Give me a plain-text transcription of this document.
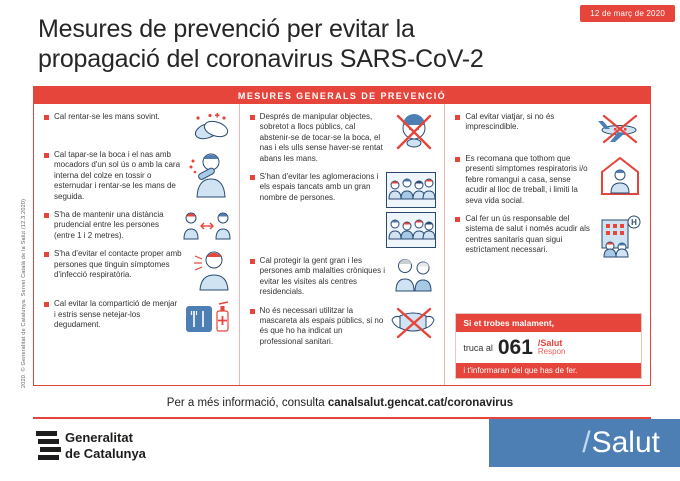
12 de març de 2020
Mesures de prevenció per evitar la
propagació del coronavirus SARS-CoV-2
2020. © Generalitat de Catalunya. Servei Català de la Salut (12.3.2020)
MESURES GENERALS DE PREVENCIÓ
Cal rentar-se les mans sovint.
Cal tapar-se la boca i el nas amb mocadors d'un sol ús o amb la cara interna del colze en tossir o esternudar i rentar-se les mans de seguida.
S'ha de mantenir una distància prudencial entre les persones (entre 1 i 2 metres).
S'ha d'evitar el contacte proper amb persones que tinguin símptomes d'infecció respiratòria.
Cal evitar la compartició de menjar i estris sense netejar-los degudament.
Després de manipular objectes, sobretot a llocs públics, cal abstenir-se de tocar-se la boca, el nas i els ulls sense haver-se rentat abans les mans.
S'han d'evitar les aglomeracions i els espais tancats amb un gran nombre de persones.
Cal protegir la gent gran i les persones amb malalties cròniques i evitar les visites als centres residencials.
No és necessari utilitzar la mascareta als espais públics, si no és que ho ha indicat un professional sanitari.
Cal evitar viatjar, si no és imprescindible.
Es recomana que tothom que presenti símptomes respiratoris i/o febre romangui a casa, sense acudir al lloc de treball, i limiti la seva vida social.
Cal fer un ús responsable del sistema de salut i només acudir als centres sanitaris quan sigui estrictament necessari.
H
Si et trobes malament,
truca al 061 /Salut
Respon
i t'informaran del que has de fer.
Per a més informació, consulta canalsalut.gencat.cat/coronavirus
Generalitat
de Catalunya	/ Salut
